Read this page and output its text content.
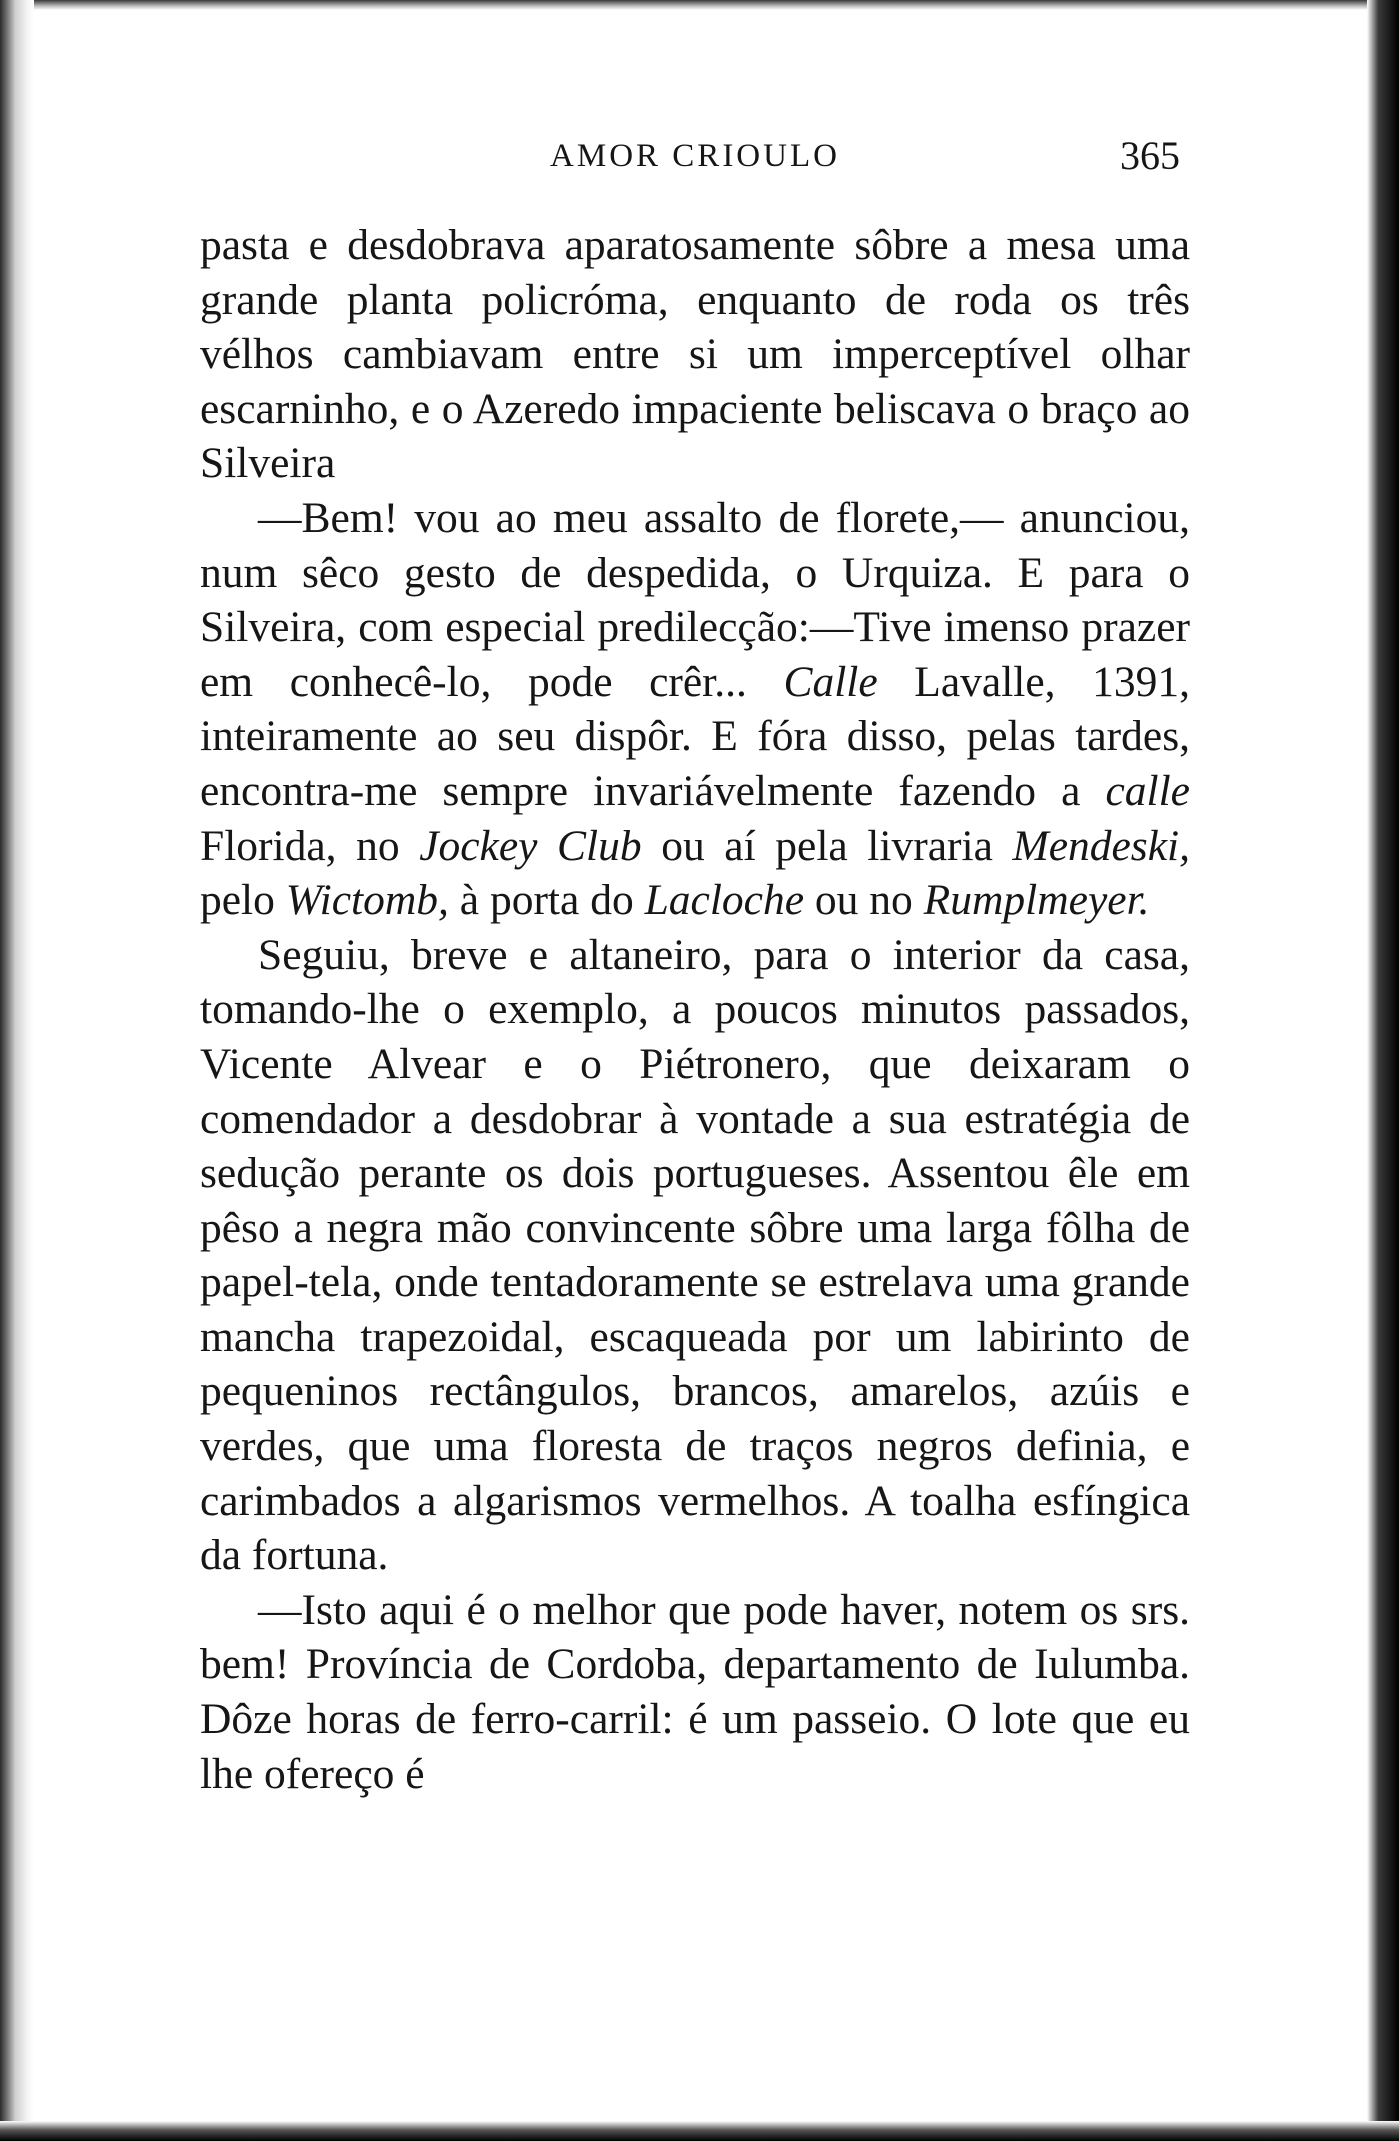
AMOR CRIOULO	365

pasta e desdobrava aparatosamente sôbre a mesa uma grande planta policróma, enquanto de roda os três vélhos cambiavam entre si um imperceptível olhar escarninho, e o Azeredo impaciente beliscava o braço ao Silveira

—Bem! vou ao meu assalto de florete,— anunciou, num sêco gesto de despedida, o Urquiza. E para o Silveira, com especial predilecção:—Tive imenso prazer em conhecê-lo, pode crêr... Calle Lavalle, 1391, inteiramente ao seu dispôr. E fóra disso, pelas tardes, encontra-me sempre invariávelmente fazendo a calle Florida, no Jockey Club ou aí pela livraria Mendeski, pelo Wictomb, à porta do Lacloche ou no Rumplmeyer.

Seguiu, breve e altaneiro, para o interior da casa, tomando-lhe o exemplo, a poucos minutos passados, Vicente Alvear e o Piétronero, que deixaram o comendador a desdobrar à vontade a sua estratégia de sedução perante os dois portugueses. Assentou êle em pêso a negra mão convincente sôbre uma larga fôlha de papel-tela, onde tentadoramente se estrelava uma grande mancha trapezoidal, escaqueada por um labirinto de pequeninos rectângulos, brancos, amarelos, azúis e verdes, que uma floresta de traços negros definia, e carimbados a algarismos vermelhos. A toalha esfíngica da fortuna.

—Isto aqui é o melhor que pode haver, notem os srs. bem! Província de Cordoba, departamento de Iulumba. Dôze horas de ferro-carril: é um passeio. O lote que eu lhe ofereço é
